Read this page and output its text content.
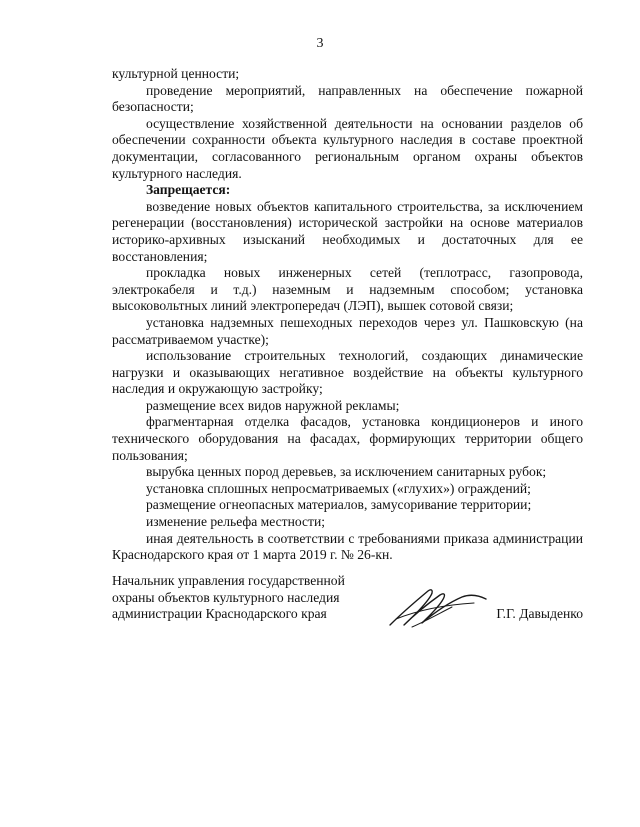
3

культурной ценности;

проведение мероприятий, направленных на обеспечение пожарной безопасности;

осуществление хозяйственной деятельности на основании разделов об обеспечении сохранности объекта культурного наследия в составе проектной документации, согласованного региональным органом охраны объектов культурного наследия.

Запрещается:

возведение новых объектов капитального строительства, за исключением регенерации (восстановления) исторической застройки на основе материалов историко-архивных изысканий необходимых и достаточных для ее восстановления;

прокладка новых инженерных сетей (теплотрасс, газопровода, электрокабеля и т.д.) наземным и надземным способом; установка высоковольтных линий электропередач (ЛЭП), вышек сотовой связи;

установка надземных пешеходных переходов через ул. Пашковскую (на рассматриваемом участке);

использование строительных технологий, создающих динамические нагрузки и оказывающих негативное воздействие на объекты культурного наследия и окружающую застройку;

размещение всех видов наружной рекламы;

фрагментарная отделка фасадов, установка кондиционеров и иного технического оборудования на фасадах, формирующих территории общего пользования;

вырубка ценных пород деревьев, за исключением санитарных рубок;

установка сплошных непросматриваемых («глухих») ограждений;

размещение огнеопасных материалов, замусоривание территории;

изменение рельефа местности;

иная деятельность в соответствии с требованиями приказа администрации Краснодарского края от 1 марта 2019 г. № 26-кн.

Начальник управления государственной
охраны объектов культурного наследия
администрации Краснодарского края	Г.Г. Давыденко
